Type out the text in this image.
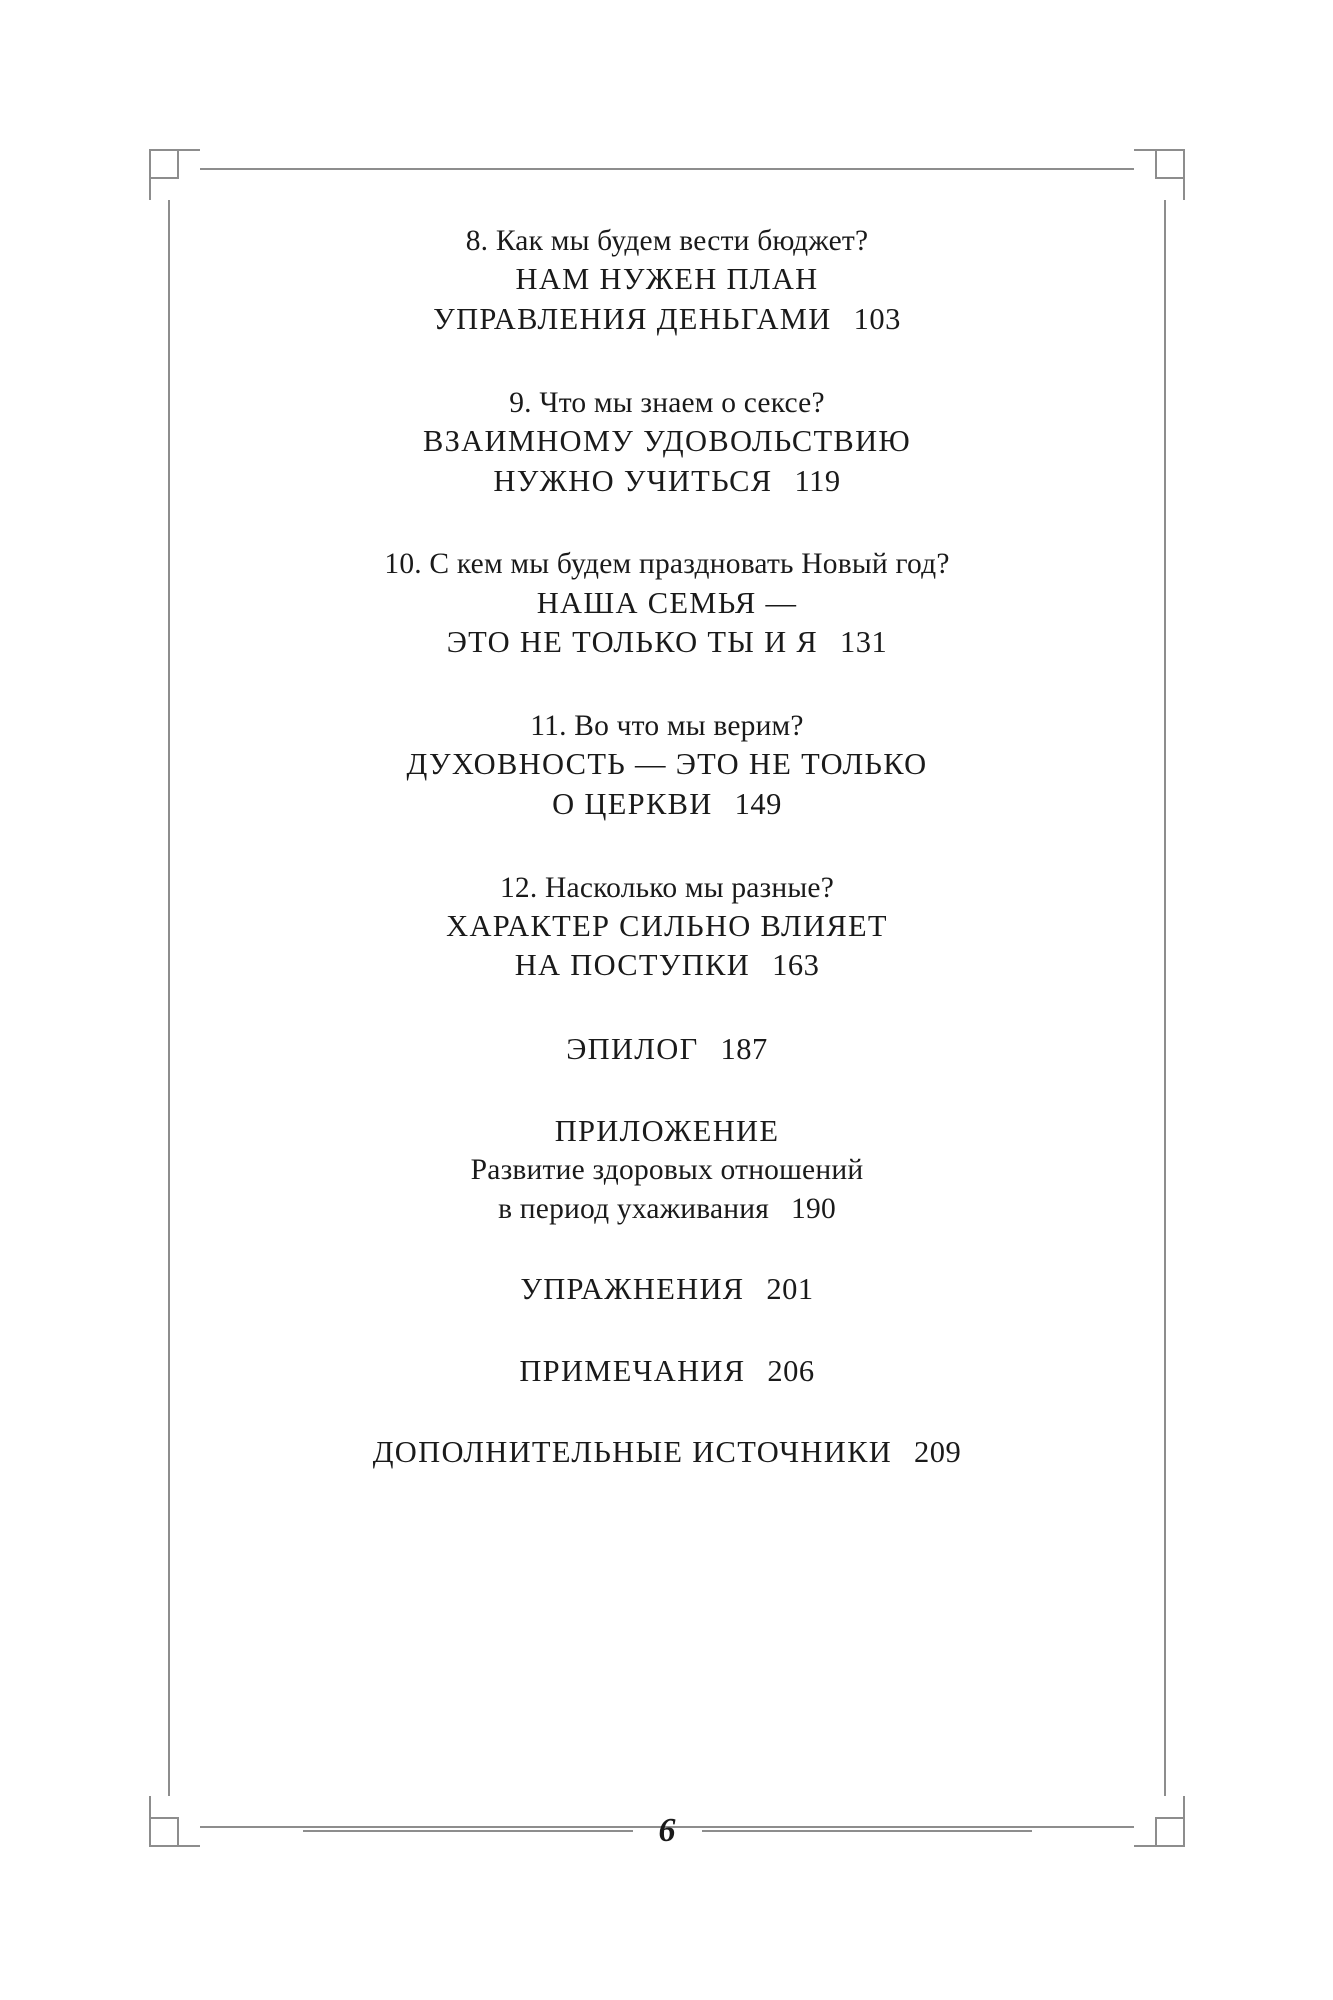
8. Как мы будем вести бюджет?
НАМ НУЖЕН ПЛАН
УПРАВЛЕНИЯ ДЕНЬГАМИ 103
9. Что мы знаем о сексе?
ВЗАИМНОМУ УДОВОЛЬСТВИЮ
НУЖНО УЧИТЬСЯ 119
10. С кем мы будем праздновать Новый год?
НАША СЕМЬЯ —
ЭТО НЕ ТОЛЬКО ТЫ И Я 131
11. Во что мы верим?
ДУХОВНОСТЬ — ЭТО НЕ ТОЛЬКО
О ЦЕРКВИ 149
12. Насколько мы разные?
ХАРАКТЕР СИЛЬНО ВЛИЯЕТ
НА ПОСТУПКИ 163
ЭПИЛОГ 187
ПРИЛОЖЕНИЕ
Развитие здоровых отношений
в период ухаживания 190
УПРАЖНЕНИЯ 201
ПРИМЕЧАНИЯ 206
ДОПОЛНИТЕЛЬНЫЕ ИСТОЧНИКИ 209
6
